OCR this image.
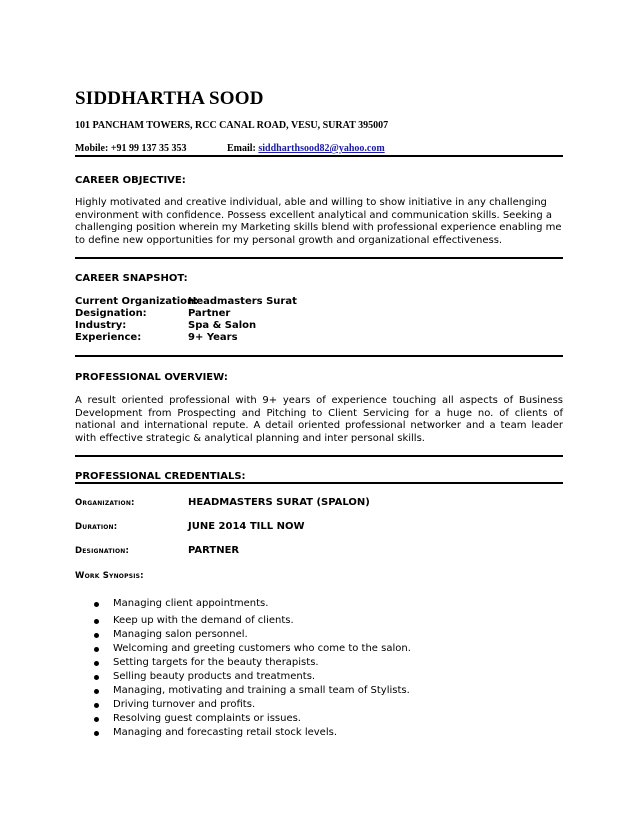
SIDDHARTHA SOOD
101 PANCHAM TOWERS, RCC CANAL ROAD, VESU, SURAT 395007
Mobile: +91 99 137 35 353	Email: siddharthsood82@yahoo.com
CAREER OBJECTIVE:
Highly motivated and creative individual, able and willing to show initiative in any challenging environment with confidence. Possess excellent analytical and communication skills. Seeking a challenging position wherein my Marketing skills blend with professional experience enabling me to define new opportunities for my personal growth and organizational effectiveness.
CAREER SNAPSHOT:
Current Organization:
Headmasters Surat
Designation:	Partner
Industry:	Spa & Salon
Experience:	9+ Years
PROFESSIONAL OVERVIEW:
A result oriented professional with 9+ years of experience touching all aspects of Business Development from Prospecting and Pitching to Client Servicing for a huge no. of clients of national and international repute. A detail oriented professional networker and a team leader with effective strategic & analytical planning and inter personal skills.
PROFESSIONAL CREDENTIALS:
Organization:	HEADMASTERS SURAT (SPALON)
Duration:	JUNE 2014 TILL NOW
Designation:	PARTNER
Work Synopsis:
Managing client appointments.
Keep up with the demand of clients.
Managing salon personnel.
Welcoming and greeting customers who come to the salon.
Setting targets for the beauty therapists.
Selling beauty products and treatments.
Managing, motivating and training a small team of Stylists.
Driving turnover and profits.
Resolving guest complaints or issues.
Managing and forecasting retail stock levels.
